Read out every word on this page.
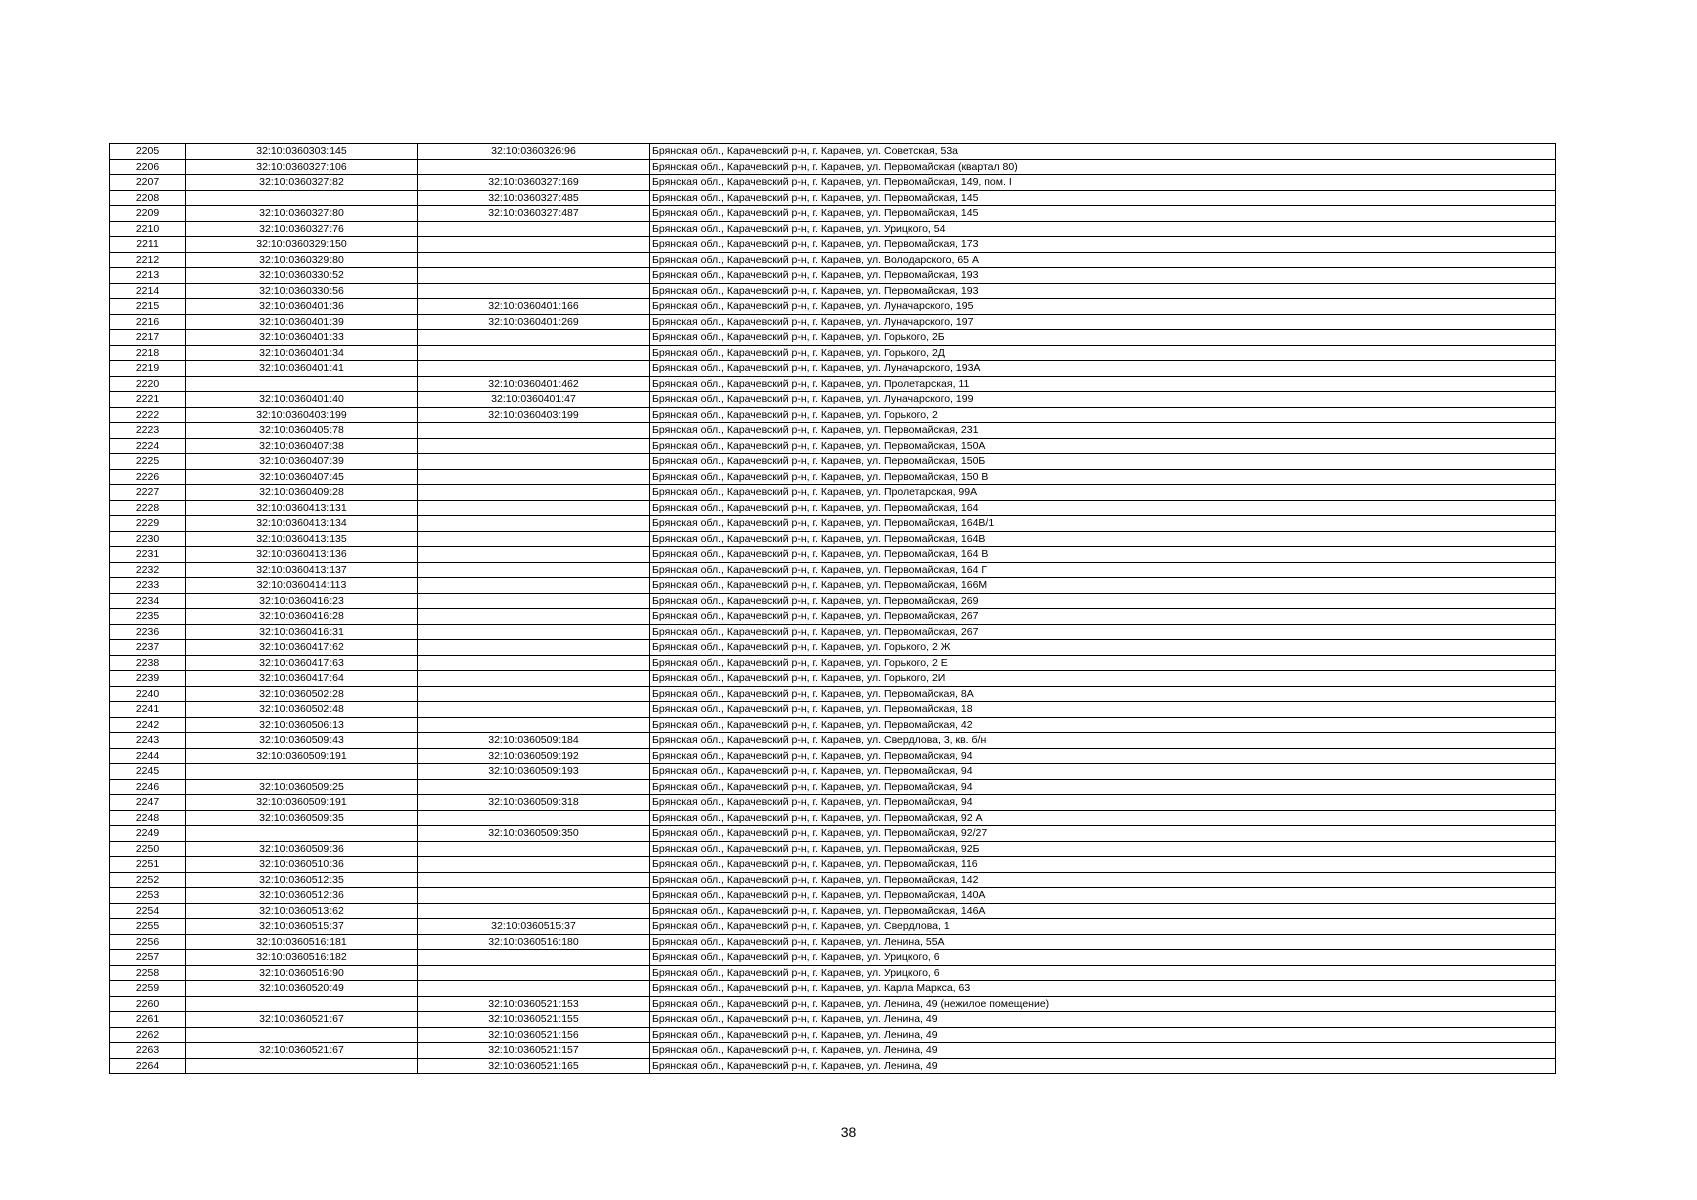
2205	32:10:0360303:145	32:10:0360326:96	Брянская обл., Карачевский р-н, г. Карачев, ул. Советская, 53а
2206	32:10:0360327:106		Брянская обл., Карачевский р-н, г. Карачев, ул. Первомайская (квартал 80)
2207	32:10:0360327:82	32:10:0360327:169	Брянская обл., Карачевский р-н, г. Карачев, ул. Первомайская, 149, пом. I
2208		32:10:0360327:485	Брянская обл., Карачевский р-н, г. Карачев, ул. Первомайская, 145
2209	32:10:0360327:80	32:10:0360327:487	Брянская обл., Карачевский р-н, г. Карачев, ул. Первомайская, 145
2210	32:10:0360327:76		Брянская обл., Карачевский р-н, г. Карачев, ул. Урицкого, 54
2211	32:10:0360329:150		Брянская обл., Карачевский р-н, г. Карачев, ул. Первомайская, 173
2212	32:10:0360329:80		Брянская обл., Карачевский р-н, г. Карачев, ул. Володарского, 65 А
2213	32:10:0360330:52		Брянская обл., Карачевский р-н, г. Карачев, ул. Первомайская, 193
2214	32:10:0360330:56		Брянская обл., Карачевский р-н, г. Карачев, ул. Первомайская, 193
2215	32:10:0360401:36	32:10:0360401:166	Брянская обл., Карачевский р-н, г. Карачев, ул. Луначарского, 195
2216	32:10:0360401:39	32:10:0360401:269	Брянская обл., Карачевский р-н, г. Карачев, ул. Луначарского, 197
2217	32:10:0360401:33		Брянская обл., Карачевский р-н, г. Карачев, ул. Горького, 2Б
2218	32:10:0360401:34		Брянская обл., Карачевский р-н, г. Карачев, ул. Горького, 2Д
2219	32:10:0360401:41		Брянская обл., Карачевский р-н, г. Карачев, ул. Луначарского, 193А
2220		32:10:0360401:462	Брянская обл., Карачевский р-н, г. Карачев, ул. Пролетарская, 11
2221	32:10:0360401:40	32:10:0360401:47	Брянская обл., Карачевский р-н, г. Карачев, ул. Луначарского, 199
2222	32:10:0360403:199	32:10:0360403:199	Брянская обл., Карачевский р-н, г. Карачев, ул. Горького, 2
2223	32:10:0360405:78		Брянская обл., Карачевский р-н, г. Карачев, ул. Первомайская, 231
2224	32:10:0360407:38		Брянская обл., Карачевский р-н, г. Карачев, ул. Первомайская, 150А
2225	32:10:0360407:39		Брянская обл., Карачевский р-н, г. Карачев, ул. Первомайская, 150Б
2226	32:10:0360407:45		Брянская обл., Карачевский р-н, г. Карачев, ул. Первомайская, 150 В
2227	32:10:0360409:28		Брянская обл., Карачевский р-н, г. Карачев, ул. Пролетарская, 99А
2228	32:10:0360413:131		Брянская обл., Карачевский р-н, г. Карачев, ул. Первомайская, 164
2229	32:10:0360413:134		Брянская обл., Карачевский р-н, г. Карачев, ул. Первомайская, 164В/1
2230	32:10:0360413:135		Брянская обл., Карачевский р-н, г. Карачев, ул. Первомайская, 164В
2231	32:10:0360413:136		Брянская обл., Карачевский р-н, г. Карачев, ул. Первомайская, 164 В
2232	32:10:0360413:137		Брянская обл., Карачевский р-н, г. Карачев, ул. Первомайская, 164 Г
2233	32:10:0360414:113		Брянская обл., Карачевский р-н, г. Карачев, ул. Первомайская, 166М
2234	32:10:0360416:23		Брянская обл., Карачевский р-н, г. Карачев, ул. Первомайская, 269
2235	32:10:0360416:28		Брянская обл., Карачевский р-н, г. Карачев, ул. Первомайская, 267
2236	32:10:0360416:31		Брянская обл., Карачевский р-н, г. Карачев, ул. Первомайская, 267
2237	32:10:0360417:62		Брянская обл., Карачевский р-н, г. Карачев, ул. Горького, 2 Ж
2238	32:10:0360417:63		Брянская обл., Карачевский р-н, г. Карачев, ул. Горького, 2 Е
2239	32:10:0360417:64		Брянская обл., Карачевский р-н, г. Карачев, ул. Горького, 2И
2240	32:10:0360502:28		Брянская обл., Карачевский р-н, г. Карачев, ул. Первомайская, 8А
2241	32:10:0360502:48		Брянская обл., Карачевский р-н, г. Карачев, ул. Первомайская, 18
2242	32:10:0360506:13		Брянская обл., Карачевский р-н, г. Карачев, ул. Первомайская, 42
2243	32:10:0360509:43	32:10:0360509:184	Брянская обл., Карачевский р-н, г. Карачев, ул. Свердлова, 3, кв. б/н
2244	32:10:0360509:191	32:10:0360509:192	Брянская обл., Карачевский р-н, г. Карачев, ул. Первомайская, 94
2245		32:10:0360509:193	Брянская обл., Карачевский р-н, г. Карачев, ул. Первомайская, 94
2246	32:10:0360509:25		Брянская обл., Карачевский р-н, г. Карачев, ул. Первомайская, 94
2247	32:10:0360509:191	32:10:0360509:318	Брянская обл., Карачевский р-н, г. Карачев, ул. Первомайская, 94
2248	32:10:0360509:35		Брянская обл., Карачевский р-н, г. Карачев, ул. Первомайская, 92 А
2249		32:10:0360509:350	Брянская обл., Карачевский р-н, г. Карачев, ул. Первомайская, 92/27
2250	32:10:0360509:36		Брянская обл., Карачевский р-н, г. Карачев, ул. Первомайская, 92Б
2251	32:10:0360510:36		Брянская обл., Карачевский р-н, г. Карачев, ул. Первомайская, 116
2252	32:10:0360512:35		Брянская обл., Карачевский р-н, г. Карачев, ул. Первомайская, 142
2253	32:10:0360512:36		Брянская обл., Карачевский р-н, г. Карачев, ул. Первомайская, 140А
2254	32:10:0360513:62		Брянская обл., Карачевский р-н, г. Карачев, ул. Первомайская, 146А
2255	32:10:0360515:37	32:10:0360515:37	Брянская обл., Карачевский р-н, г. Карачев, ул. Свердлова, 1
2256	32:10:0360516:181	32:10:0360516:180	Брянская обл., Карачевский р-н, г. Карачев, ул. Ленина, 55А
2257	32:10:0360516:182		Брянская обл., Карачевский р-н, г. Карачев, ул. Урицкого, 6
2258	32:10:0360516:90		Брянская обл., Карачевский р-н, г. Карачев, ул. Урицкого, 6
2259	32:10:0360520:49		Брянская обл., Карачевский р-н, г. Карачев, ул. Карла Маркса, 63
2260		32:10:0360521:153	Брянская обл., Карачевский р-н, г. Карачев, ул. Ленина, 49 (нежилое помещение)
2261	32:10:0360521:67	32:10:0360521:155	Брянская обл., Карачевский р-н, г. Карачев, ул. Ленина, 49
2262		32:10:0360521:156	Брянская обл., Карачевский р-н, г. Карачев, ул. Ленина, 49
2263	32:10:0360521:67	32:10:0360521:157	Брянская обл., Карачевский р-н, г. Карачев, ул. Ленина, 49
2264		32:10:0360521:165	Брянская обл., Карачевский р-н, г. Карачев, ул. Ленина, 49
38
